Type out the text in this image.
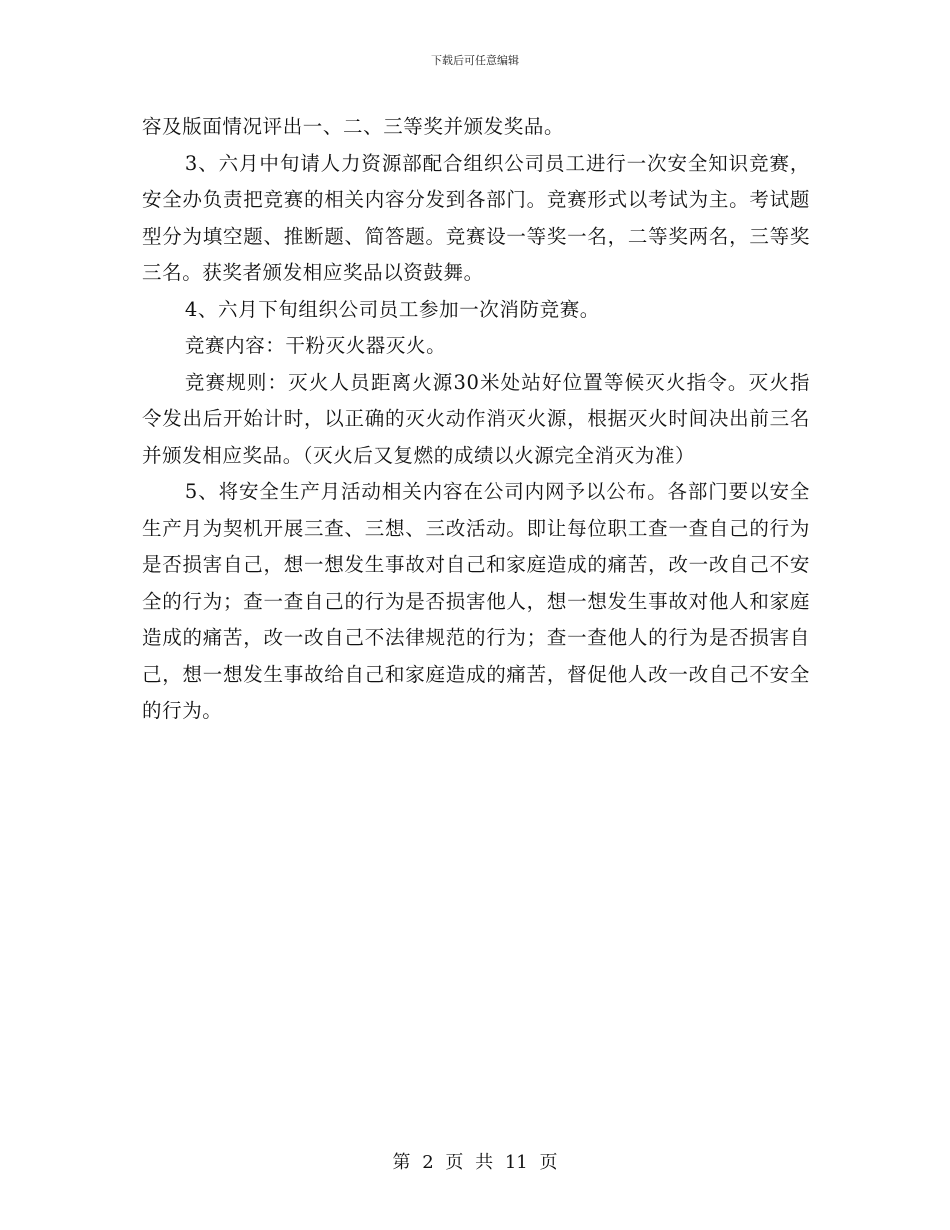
下载后可任意编辑

容及版面情况评出一、二、三等奖并颁发奖品。

3、六月中旬请人力资源部配合组织公司员工进行一次安全知识竞赛，安全办负责把竞赛的相关内容分发到各部门。竞赛形式以考试为主。考试题型分为填空题、推断题、简答题。竞赛设一等奖一名，二等奖两名，三等奖三名。获奖者颁发相应奖品以资鼓舞。

4、六月下旬组织公司员工参加一次消防竞赛。

竞赛内容：干粉灭火器灭火。

竞赛规则：灭火人员距离火源30米处站好位置等候灭火指令。灭火指令发出后开始计时，以正确的灭火动作消灭火源，根据灭火时间决出前三名并颁发相应奖品。（灭火后又复燃的成绩以火源完全消灭为准）

5、将安全生产月活动相关内容在公司内网予以公布。各部门要以安全生产月为契机开展三查、三想、三改活动。即让每位职工查一查自己的行为是否损害自己，想一想发生事故对自己和家庭造成的痛苦，改一改自己不安全的行为；查一查自己的行为是否损害他人，想一想发生事故对他人和家庭造成的痛苦，改一改自己不法律规范的行为；查一查他人的行为是否损害自己，想一想发生事故给自己和家庭造成的痛苦，督促他人改一改自己不安全的行为。

第 2 页 共 11 页
